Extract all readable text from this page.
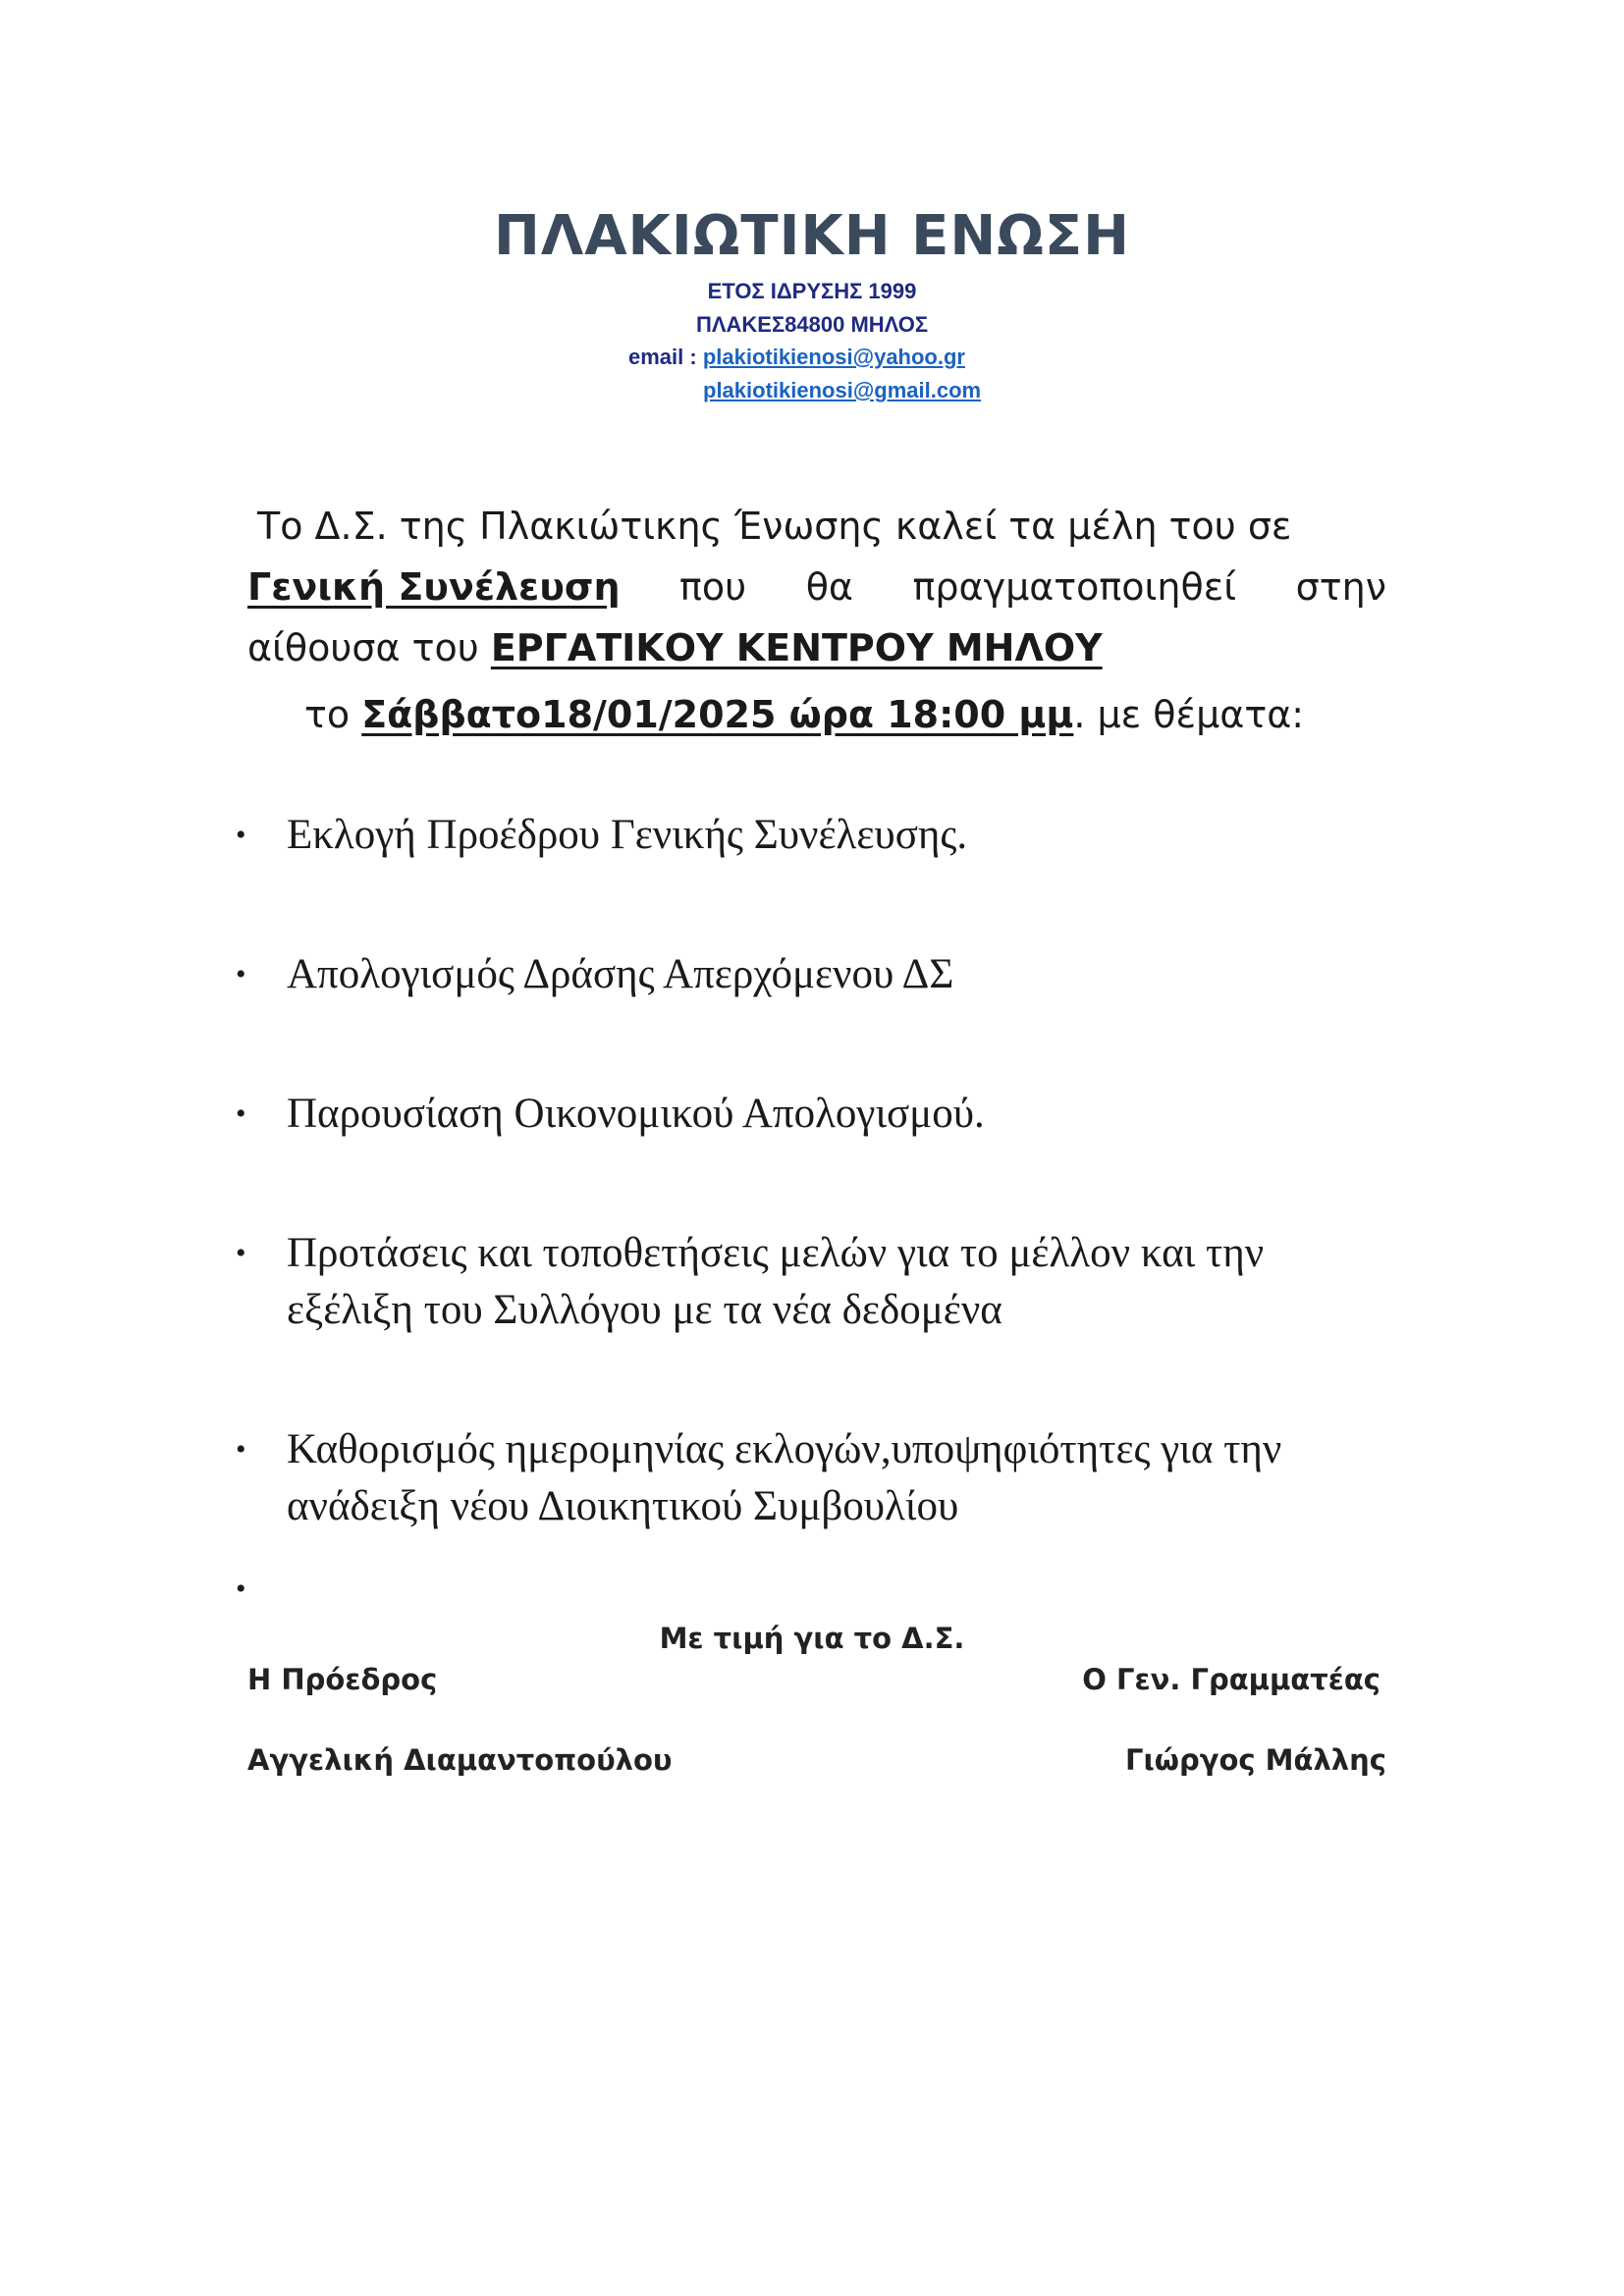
ΠΛΑΚΙΩΤΙΚΗ ΕΝΩΣΗ
ΕΤΟΣ ΙΔΡΥΣΗΣ 1999
ΠΛΑΚΕΣ84800 ΜΗΛΟΣ
email : plakiotikienosi@yahoo.gr
plakiotikienosi@gmail.com
Το Δ.Σ. της Πλακιώτικης Ένωσης καλεί τα μέλη του σε
Γενική Συνέλευση που θα πραγματοποιηθεί στην
αίθουσα του ΕΡΓΑΤΙΚΟΥ ΚΕΝΤΡΟΥ ΜΗΛΟΥ
το Σάββατο18/01/2025 ώρα 18:00 μμ. με θέματα:
• Εκλογή Προέδρου Γενικής Συνέλευσης.
• Απολογισμός Δράσης Απερχόμενου ΔΣ
• Παρουσίαση Οικονομικού Απολογισμού.
• Προτάσεις και τοποθετήσεις μελών για το μέλλον και την εξέλιξη του Συλλόγου με τα νέα δεδομένα
• Καθορισμός ημερομηνίας εκλογών,υποψηφιότητες για την ανάδειξη νέου Διοικητικού Συμβουλίου
•
Με τιμή για το Δ.Σ.
Η Πρόεδρος	Ο Γεν. Γραμματέας
Αγγελική Διαμαντοπούλου	Γιώργος Μάλλης
